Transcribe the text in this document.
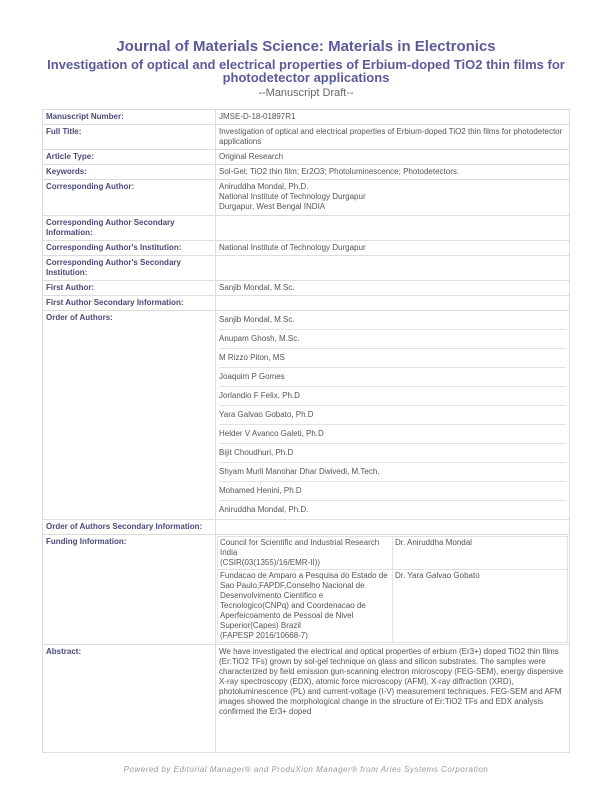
Journal of Materials Science: Materials in Electronics
Investigation of optical and electrical properties of Erbium-doped TiO2 thin films for photodetector applications
--Manuscript Draft--
Manuscript Number:	JMSE-D-18-01897R1
Full Title:	Investigation of optical and electrical properties of Erbium-doped TiO2 thin films for photodetector applications
Article Type:	Original Research
Keywords:	Sol-Gel; TiO2 thin film; Er2O3; Photoluminescence; Photodetectors.
Corresponding Author:	Aniruddha Mondal, Ph.D.
National Institute of Technology Durgapur
Durgapur, West Bengal INDIA

Corresponding Author Secondary Information:	
Corresponding Author's Institution:	National Institute of Technology Durgapur
Corresponding Author's Secondary Institution:	
First Author:	Sanjib Mondal, M.Sc.
First Author Secondary Information:	
Order of Authors:	Sanjib Mondal, M.Sc.
Anupam Ghosh, M.Sc.
M Rizzo Piton, MS
Joaquim P Gomes
Jorlandio F Felix, Ph.D
Yara Galvao Gobato, Ph.D
Helder V Avanco Galeti, Ph.D
Bijit Choudhuri, Ph.D
Shyam Murli Manohar Dhar Dwivedi, M.Tech.
Mohamed Henini, Ph.D
Aniruddha Mondal, Ph.D.

Order of Authors Secondary Information:	
Funding Information:		Council for Scientific and Industrial Research India
(CSIR(03(1355)/16/EMR-II))	Dr. Aniruddha Mondal
Fundacao de Amparo a Pesquisa do Estado de Sao Paulo,FAPDF,Conselho Nacional de Desenvolvimento Cientifico e Tecnologico(CNPq) and Coordenacao de Aperfeicoamento de Pessoal de Nivel Superior(Capes) Brazil
(FAPESP 2016/10668-7)	Dr. Yara Galvao Gobato

Abstract:	We have investigated the electrical and optical properties of erbium (Er3+) doped TiO2 thin films (Er:TiO2 TFs) grown by sol-gel technique on glass and silicon substrates. The samples were characterized by field emission gun-scanning electron microscopy (FEG-SEM), energy dispersive X-ray spectroscopy (EDX), atomic force microscopy (AFM), X-ray diffraction (XRD), photoluminescence (PL) and current-voltage (I-V) measurement techniques. FEG-SEM and AFM images showed the morphological change in the structure of Er:TiO2 TFs and EDX analysis confirmed the Er3+ doped
Powered by Editorial Manager® and ProduXion Manager® from Aries Systems Corporation
